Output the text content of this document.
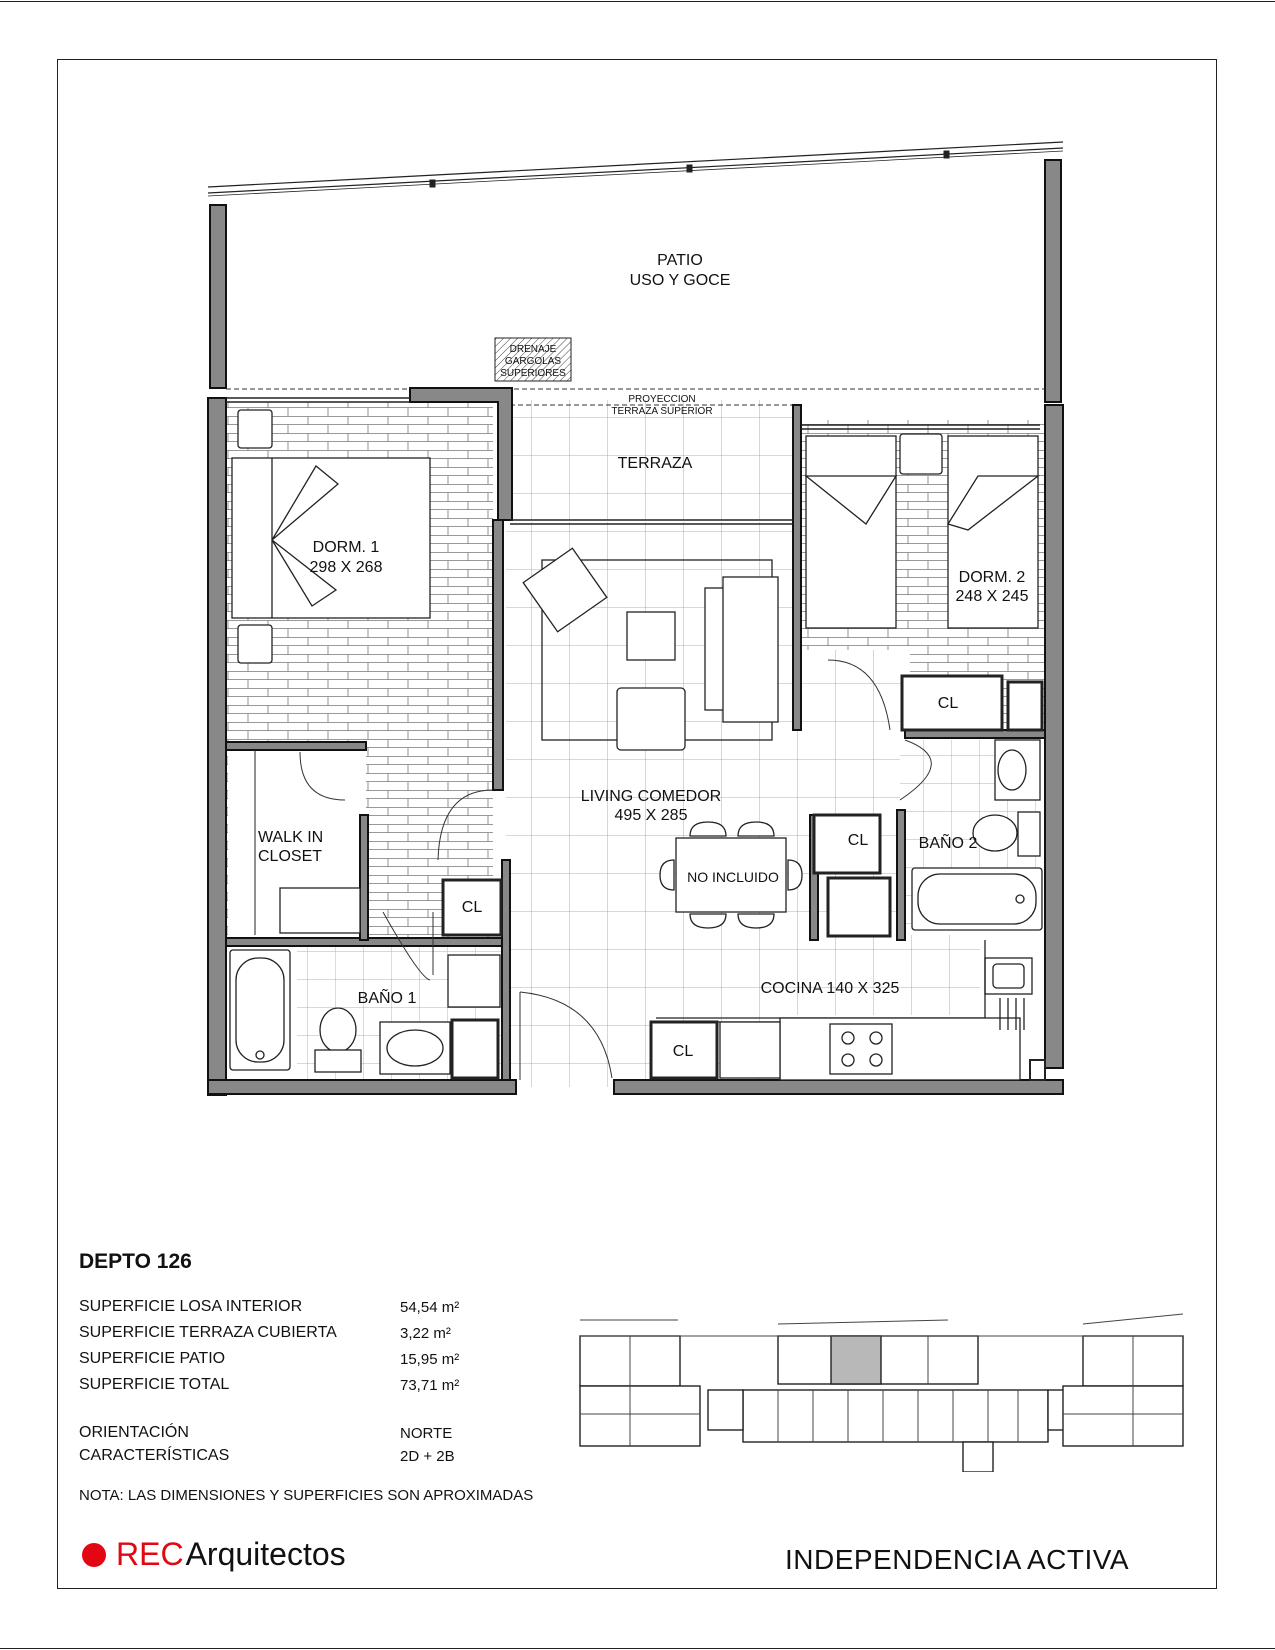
PATIO
USO Y GOCE
DRENAJE
GARGOLAS
SUPERIORES
PROYECCION
TERRAZA SUPERIOR
TERRAZA
DORM. 1
298 X 268
DORM. 2
248 X 245
LIVING COMEDOR
495 X 285
WALK IN
CLOSET
BAÑO 1
BAÑO 2
COCINA 140 X 325
NO INCLUIDO
CL
CL
CL
CL
DEPTO 126
SUPERFICIE LOSA INTERIOR	54,54 m²
SUPERFICIE TERRAZA CUBIERTA	3,22 m²
SUPERFICIE PATIO	15,95 m²
SUPERFICIE TOTAL	73,71 m²
ORIENTACIÓN	NORTE
CARACTERÍSTICAS	2D + 2B
NOTA: LAS DIMENSIONES Y SUPERFICIES SON APROXIMADAS
REC Arquitectos	INDEPENDENCIA ACTIVA
